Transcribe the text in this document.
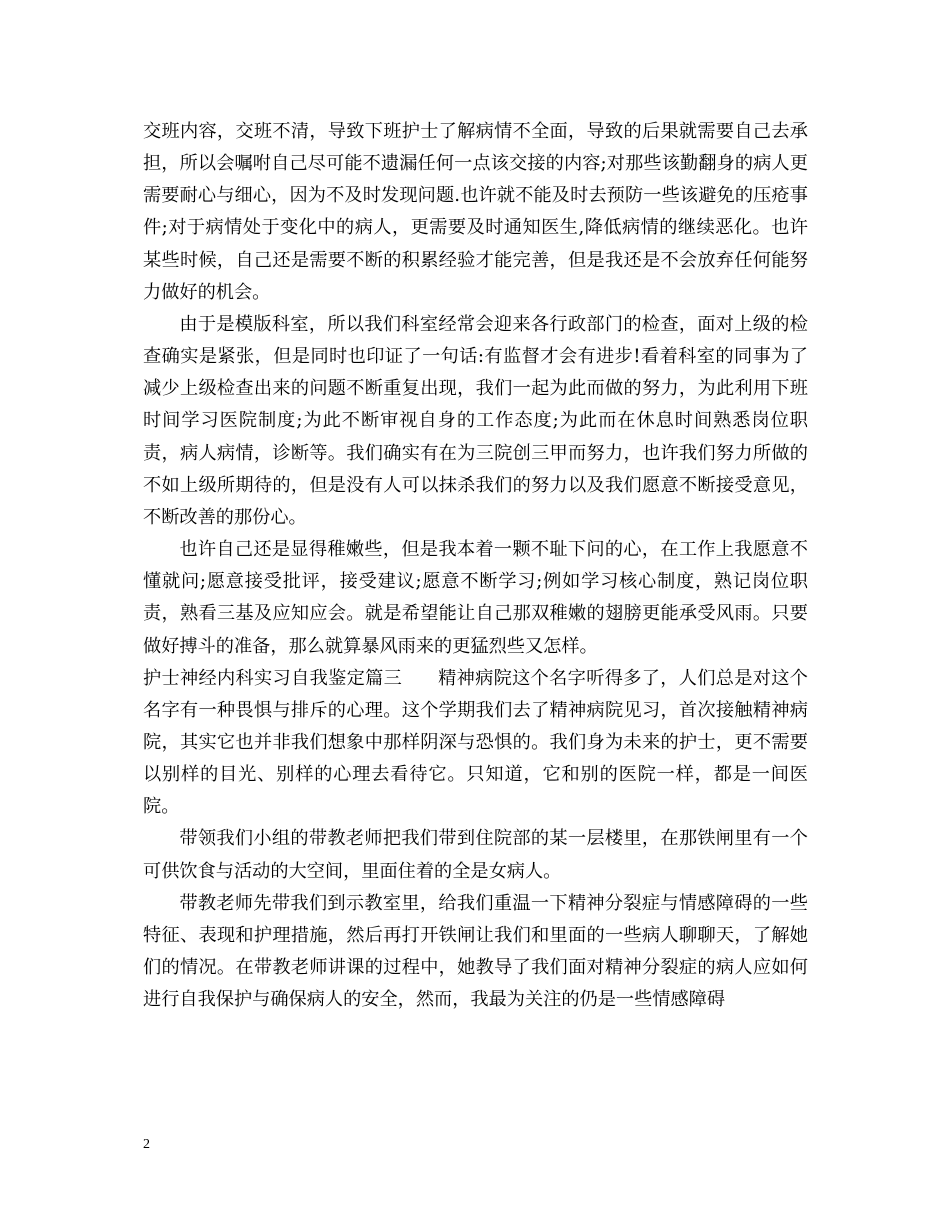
交班内容，交班不清，导致下班护士了解病情不全面，导致的后果就需要自己去承担，所以会嘱咐自己尽可能不遗漏任何一点该交接的内容;对那些该勤翻身的病人更需要耐心与细心，因为不及时发现问题.也许就不能及时去预防一些该避免的压疮事件;对于病情处于变化中的病人，更需要及时通知医生,降低病情的继续恶化。也许某些时候，自己还是需要不断的积累经验才能完善，但是我还是不会放弃任何能努力做好的机会。

由于是模版科室，所以我们科室经常会迎来各行政部门的检查，面对上级的检查确实是紧张，但是同时也印证了一句话:有监督才会有进步!看着科室的同事为了减少上级检查出来的问题不断重复出现，我们一起为此而做的努力，为此利用下班时间学习医院制度;为此不断审视自身的工作态度;为此而在休息时间熟悉岗位职责，病人病情，诊断等。我们确实有在为三院创三甲而努力，也许我们努力所做的不如上级所期待的，但是没有人可以抹杀我们的努力以及我们愿意不断接受意见，不断改善的那份心。

也许自己还是显得稚嫩些，但是我本着一颗不耻下问的心，在工作上我愿意不懂就问;愿意接受批评，接受建议;愿意不断学习;例如学习核心制度，熟记岗位职责，熟看三基及应知应会。就是希望能让自己那双稚嫩的翅膀更能承受风雨。只要做好搏斗的准备，那么就算暴风雨来的更猛烈些又怎样。

护士神经内科实习自我鉴定篇三 精神病院这个名字听得多了，人们总是对这个名字有一种畏惧与排斥的心理。这个学期我们去了精神病院见习，首次接触精神病院，其实它也并非我们想象中那样阴深与恐惧的。我们身为未来的护士，更不需要以别样的目光、别样的心理去看待它。只知道，它和别的医院一样，都是一间医院。

带领我们小组的带教老师把我们带到住院部的某一层楼里，在那铁闸里有一个可供饮食与活动的大空间，里面住着的全是女病人。

带教老师先带我们到示教室里，给我们重温一下精神分裂症与情感障碍的一些特征、表现和护理措施，然后再打开铁闸让我们和里面的一些病人聊聊天，了解她们的情况。在带教老师讲课的过程中，她教导了我们面对精神分裂症的病人应如何进行自我保护与确保病人的安全，然而，我最为关注的仍是一些情感障碍

2
